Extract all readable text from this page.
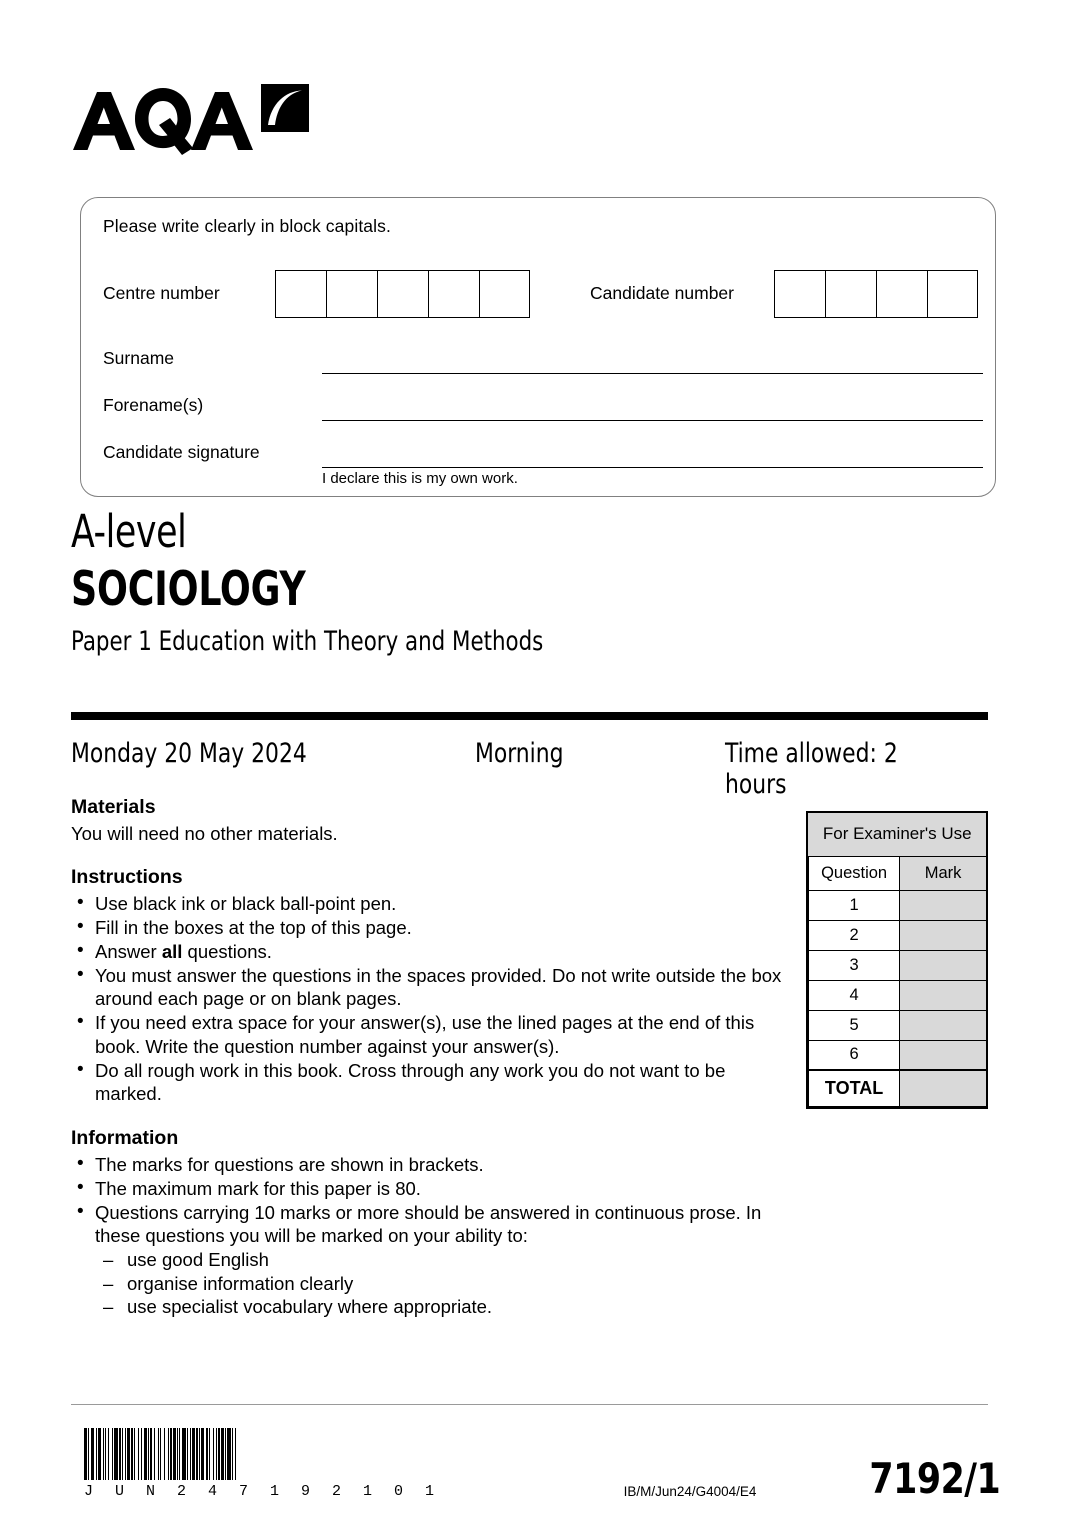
Please write clearly in block capitals.
Centre number	Candidate number
Surname
Forename(s)
Candidate signature
I declare this is my own work.
A-level
SOCIOLOGY
Paper 1 Education with Theory and Methods
Monday 20 May 2024	Morning	Time allowed: 2 hours

Materials

You will need no other materials.

Instructions

• Use black ink or black ball-point pen.
• Fill in the boxes at the top of this page.
• Answer all questions.
• You must answer the questions in the spaces provided. Do not write outside the box around each page or on blank pages.
• If you need extra space for your answer(s), use the lined pages at the end of this book. Write the question number against your answer(s).
• Do all rough work in this book. Cross through any work you do not want to be marked.

Information

• The marks for questions are shown in brackets.
• The maximum mark for this paper is 80.
• Questions carrying 10 marks or more should be answered in continuous prose. In these questions you will be marked on your ability to:
– use good English
– organise information clearly
– use specialist vocabulary where appropriate.
For Examiner's Use	
Question	Mark
1	
2	
3	
4	
5	
6	
TOTAL	
J U N 2 4 7 1 9 2 1 0 1	IB/M/Jun24/G4004/E4	7192/1
